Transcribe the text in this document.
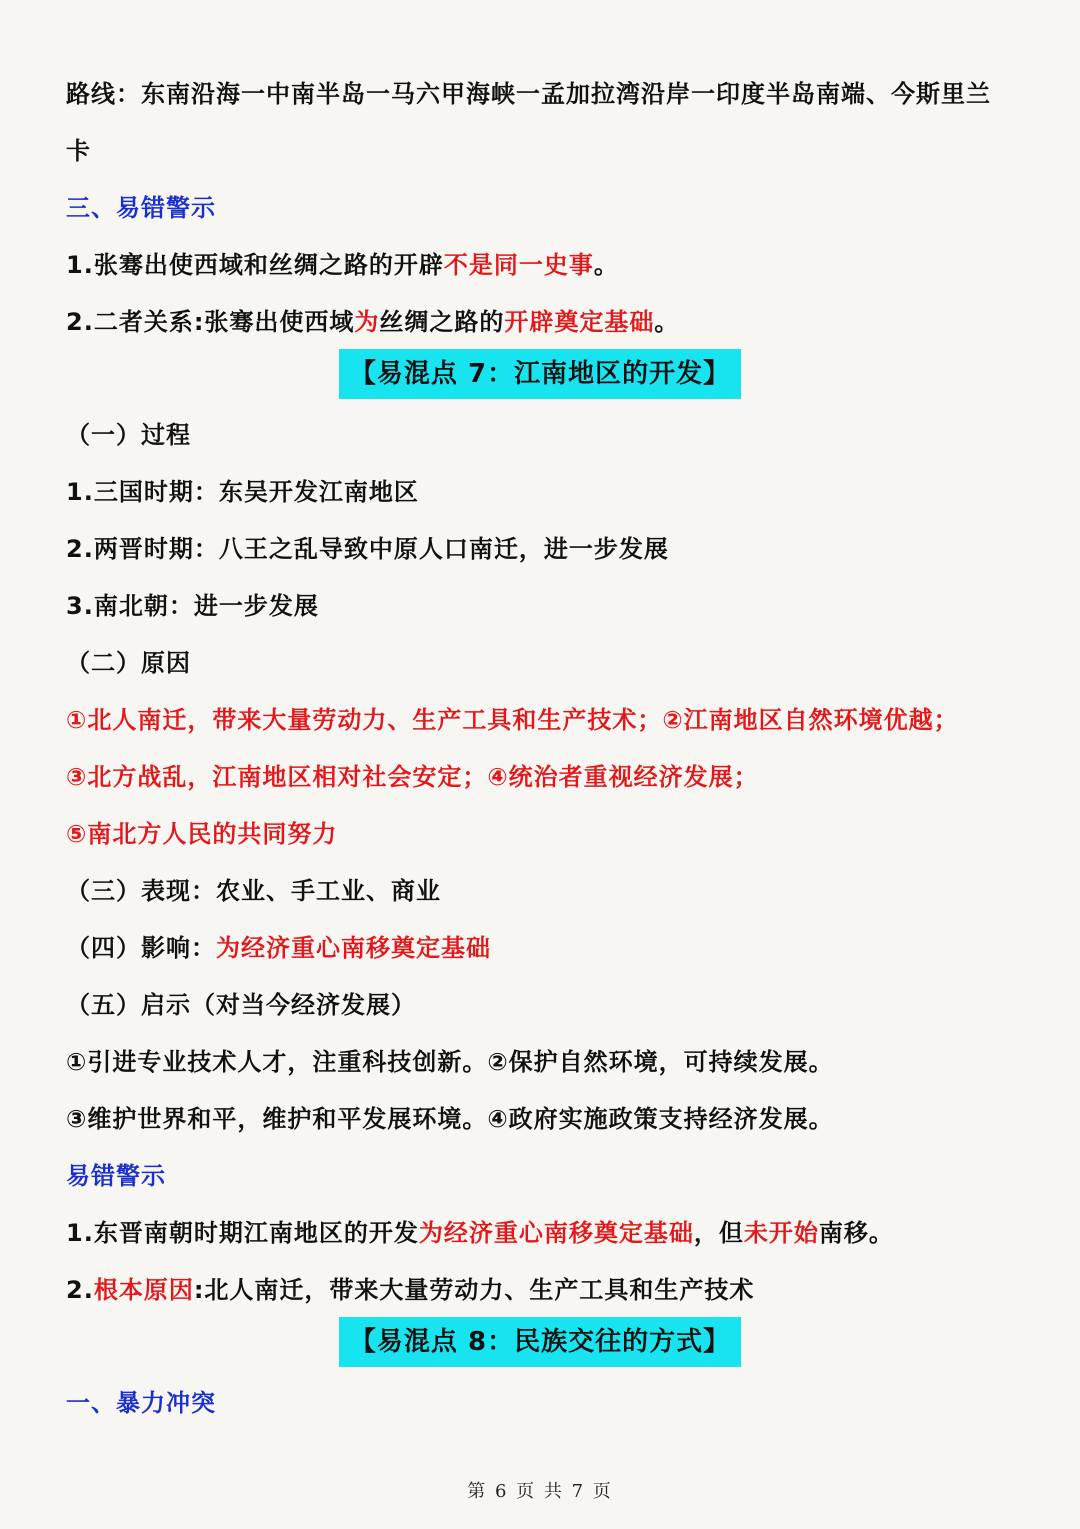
路线：东南沿海一中南半岛一马六甲海峡一孟加拉湾沿岸一印度半岛南端、今斯里兰
卡
三、易错警示
1.张骞出使西域和丝绸之路的开辟不是同一史事。
2.二者关系:张骞出使西域为丝绸之路的开辟奠定基础。
【易混点 7：江南地区的开发】
（一）过程
1.三国时期：东吴开发江南地区
2.两晋时期：八王之乱导致中原人口南迁，进一步发展
3.南北朝：进一步发展
（二）原因
①北人南迁，带来大量劳动力、生产工具和生产技术；②江南地区自然环境优越；
③北方战乱，江南地区相对社会安定；④统治者重视经济发展；
⑤南北方人民的共同努力
（三）表现：农业、手工业、商业
（四）影响：为经济重心南移奠定基础
（五）启示（对当今经济发展）
①引进专业技术人才，注重科技创新。②保护自然环境，可持续发展。
③维护世界和平，维护和平发展环境。④政府实施政策支持经济发展。
易错警示
1.东晋南朝时期江南地区的开发为经济重心南移奠定基础，但未开始南移。
2.根本原因:北人南迁，带来大量劳动力、生产工具和生产技术
【易混点 8：民族交往的方式】
一、暴力冲突
第 6 页 共 7 页
